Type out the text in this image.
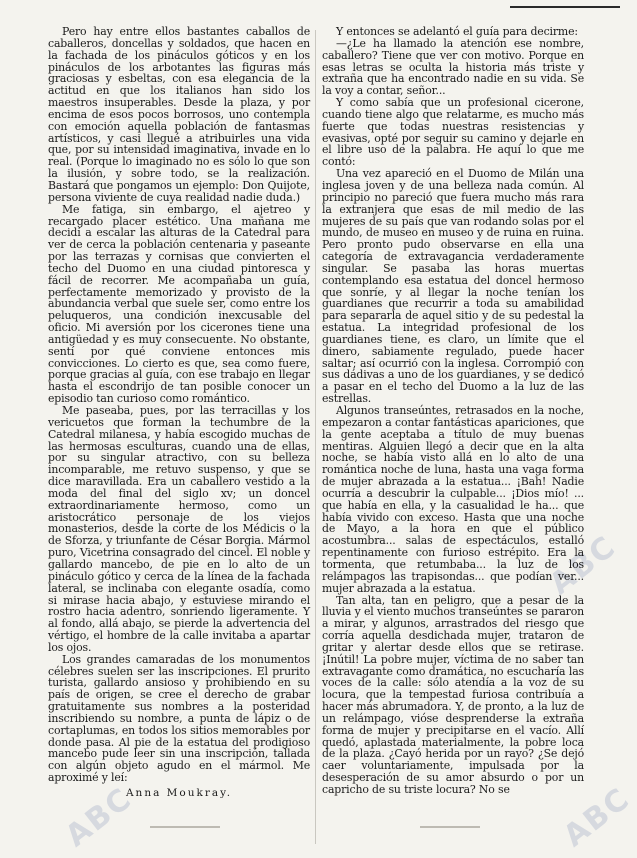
ABC
ABC	ABC

Pero hay entre ellos bastantes caballos de caballeros, doncellas y soldados, que hacen en la fachada de los pináculos góticos y en los pináculos de los arbotantes las figuras más graciosas y esbeltas, con esa elegancia de la actitud en que los italianos han sido los maestros insuperables. Desde la plaza, y por encima de esos pocos borrosos, uno contempla con emoción aquella población de fantasmas artísticos, y casi llegué a atribuirles una vida que, por su intensidad imaginativa, invade en lo real. (Porque lo imaginado no es sólo lo que son la ilusión, y sobre todo, se la realización. Bastará que pongamos un ejemplo: Don Quijote, persona viviente de cuya realidad nadie duda.)

Me fatiga, sin embargo, el ajetreo y recargado placer estético. Una mañana me decidí a escalar las alturas de la Catedral para ver de cerca la población centenaria y paseante por las terrazas y cornisas que convierten el techo del Duomo en una ciudad pintoresca y fácil de recorrer. Me acompañaba un guía, perfectamente memorizado y provisto de la abundancia verbal que suele ser, como entre los peluqueros, una condición inexcusable del oficio. Mi aversión por los cicerones tiene una antigüedad y es muy consecuente. No obstante, sentí por qué conviene entonces mis convicciones. Lo cierto es que, sea como fuere, porque gracias al guía, con ese trabajo en llegar hasta el escondrijo de tan posible conocer un episodio tan curioso como romántico.

Me paseaba, pues, por las terracillas y los vericuetos que forman la techumbre de la Catedral milanesa, y había escogido muchas de las hermosas esculturas, cuando una de ellas, por su singular atractivo, con su belleza incomparable, me retuvo suspenso, y que se dice maravillada. Era un caballero vestido a la moda del final del siglo xv; un doncel extraordinariamente hermoso, como un aristocrático personaje de los viejos monasterios, desde la corte de los Médicis o la de Sforza, y triunfante de César Borgia. Mármol puro, Vicetrina consagrado del cincel. El noble y gallardo mancebo, de pie en lo alto de un pináculo gótico y cerca de la línea de la fachada lateral, se inclinaba con elegante osadía, como si mirase hacia abajo, y estuviese mirando el rostro hacia adentro, sonriendo ligeramente. Y al fondo, allá abajo, se pierde la advertencia del vértigo, el hombre de la calle invitaba a apartar los ojos.

Los grandes camaradas de los monumentos célebres suelen ser las inscripciones. El prurito turista, gallardo ansioso y prohibiendo en su país de origen, se cree el derecho de grabar gratuitamente sus nombres a la posteridad inscribiendo su nombre, a punta de lápiz o de cortaplumas, en todos los sitios memorables por donde pasa. Al pie de la estatua del prodigioso mancebo pude leer sin una inscripción, tallada con algún objeto agudo en el mármol. Me aproximé y leí:

Anna Moukray.

Y entonces se adelantó el guía para decirme:

—¿Le ha llamado la atención ese nombre, caballero? Tiene que ver con motivo. Porque en esas letras se oculta la historia más triste y extraña que ha encontrado nadie en su vida. Se la voy a contar, señor...

Y como sabía que un profesional cicerone, cuando tiene algo que relatarme, es mucho más fuerte que todas nuestras resistencias y evasivas, opté por seguir su camino y dejarle en el libre uso de la palabra. He aquí lo que me contó:

Una vez apareció en el Duomo de Milán una inglesa joven y de una belleza nada común. Al principio no pareció que fuera mucho más rara la extranjera que esas de mil medio de las mujeres de su país que van rodando solas por el mundo, de museo en museo y de ruina en ruina. Pero pronto pudo observarse en ella una categoría de extravagancia verdaderamente singular. Se pasaba las horas muertas contemplando esa estatua del doncel hermoso que sonríe, y al llegar la noche tenían los guardianes que recurrir a toda su amabilidad para separarla de aquel sitio y de su pedestal la estatua. La integridad profesional de los guardianes tiene, es claro, un límite que el dinero, sabiamente regulado, puede hacer saltar; así ocurrió con la inglesa. Corrompió con sus dádivas a uno de los guardianes, y se dedicó a pasar en el techo del Duomo a la luz de las estrellas.

Algunos transeúntes, retrasados en la noche, empezaron a contar fantásticas apariciones, que la gente aceptaba a título de muy buenas mentiras. Alguien llegó a decir que en la alta noche, se había visto allá en lo alto de una romántica noche de luna, hasta una vaga forma de mujer abrazada a la estatua... ¡Bah! Nadie ocurría a descubrir la culpable... ¡Dios mío! ... que había en ella, y la casualidad le ha... que había vivido con exceso. Hasta que una noche de Mayo, a la hora en que el público acostumbra... salas de espectáculos, estalló repentinamente con furioso estrépito. Era la tormenta, que retumbaba... la luz de los relámpagos las trapisondas... que podían ver... mujer abrazada a la estatua.

Tan alta, tan en peligro, que a pesar de la lluvia y el viento muchos transeúntes se pararon a mirar, y algunos, arrastrados del riesgo que corría aquella desdichada mujer, trataron de gritar y alertar desde ellos que se retirase. ¡Inútil! La pobre mujer, víctima de no saber tan extravagante como dramática, no escucharía las voces de la calle: sólo atendía a la voz de su locura, que la tempestad furiosa contribuía a hacer más abrumadora. Y, de pronto, a la luz de un relámpago, vióse desprenderse la extraña forma de mujer y precipitarse en el vacío. Allí quedó, aplastada materialmente, la pobre loca de la plaza. ¿Cayó herida por un rayo? ¿Se dejó caer voluntariamente, impulsada por la desesperación de su amor absurdo o por un capricho de su triste locura? No se
